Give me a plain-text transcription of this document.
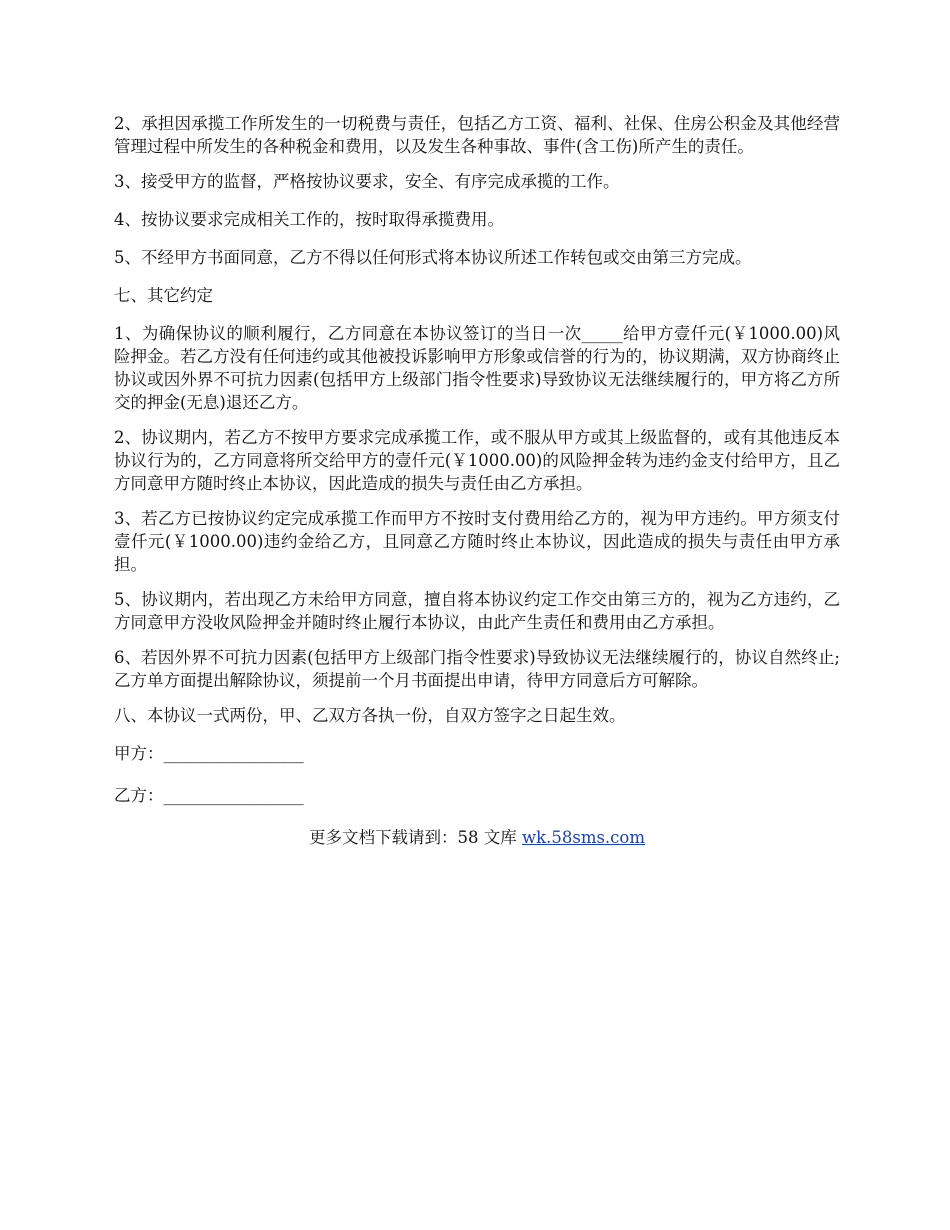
2、承担因承揽工作所发生的一切税费与责任，包括乙方工资、福利、社保、住房公积金及其他经营管理过程中所发生的各种税金和费用，以及发生各种事故、事件(含工伤)所产生的责任。

3、接受甲方的监督，严格按协议要求，安全、有序完成承揽的工作。

4、按协议要求完成相关工作的，按时取得承揽费用。

5、不经甲方书面同意，乙方不得以任何形式将本协议所述工作转包或交由第三方完成。

七、其它约定

1、为确保协议的顺利履行，乙方同意在本协议签订的当日一次_____给甲方壹仟元(￥1000.00)风险押金。若乙方没有任何违约或其他被投诉影响甲方形象或信誉的行为的，协议期满，双方协商终止协议或因外界不可抗力因素(包括甲方上级部门指令性要求)导致协议无法继续履行的，甲方将乙方所交的押金(无息)退还乙方。

2、协议期内，若乙方不按甲方要求完成承揽工作，或不服从甲方或其上级监督的，或有其他违反本协议行为的，乙方同意将所交给甲方的壹仟元(￥1000.00)的风险押金转为违约金支付给甲方，且乙方同意甲方随时终止本协议，因此造成的损失与责任由乙方承担。

3、若乙方已按协议约定完成承揽工作而甲方不按时支付费用给乙方的，视为甲方违约。甲方须支付壹仟元(￥1000.00)违约金给乙方，且同意乙方随时终止本协议，因此造成的损失与责任由甲方承担。

5、协议期内，若出现乙方未给甲方同意，擅自将本协议约定工作交由第三方的，视为乙方违约，乙方同意甲方没收风险押金并随时终止履行本协议，由此产生责任和费用由乙方承担。

6、若因外界不可抗力因素(包括甲方上级部门指令性要求)导致协议无法继续履行的，协议自然终止;乙方单方面提出解除协议，须提前一个月书面提出申请，待甲方同意后方可解除。

八、本协议一式两份，甲、乙双方各执一份，自双方签字之日起生效。

甲方：_________________

乙方：_________________

更多文档下载请到：58 文库 wk.58sms.com
